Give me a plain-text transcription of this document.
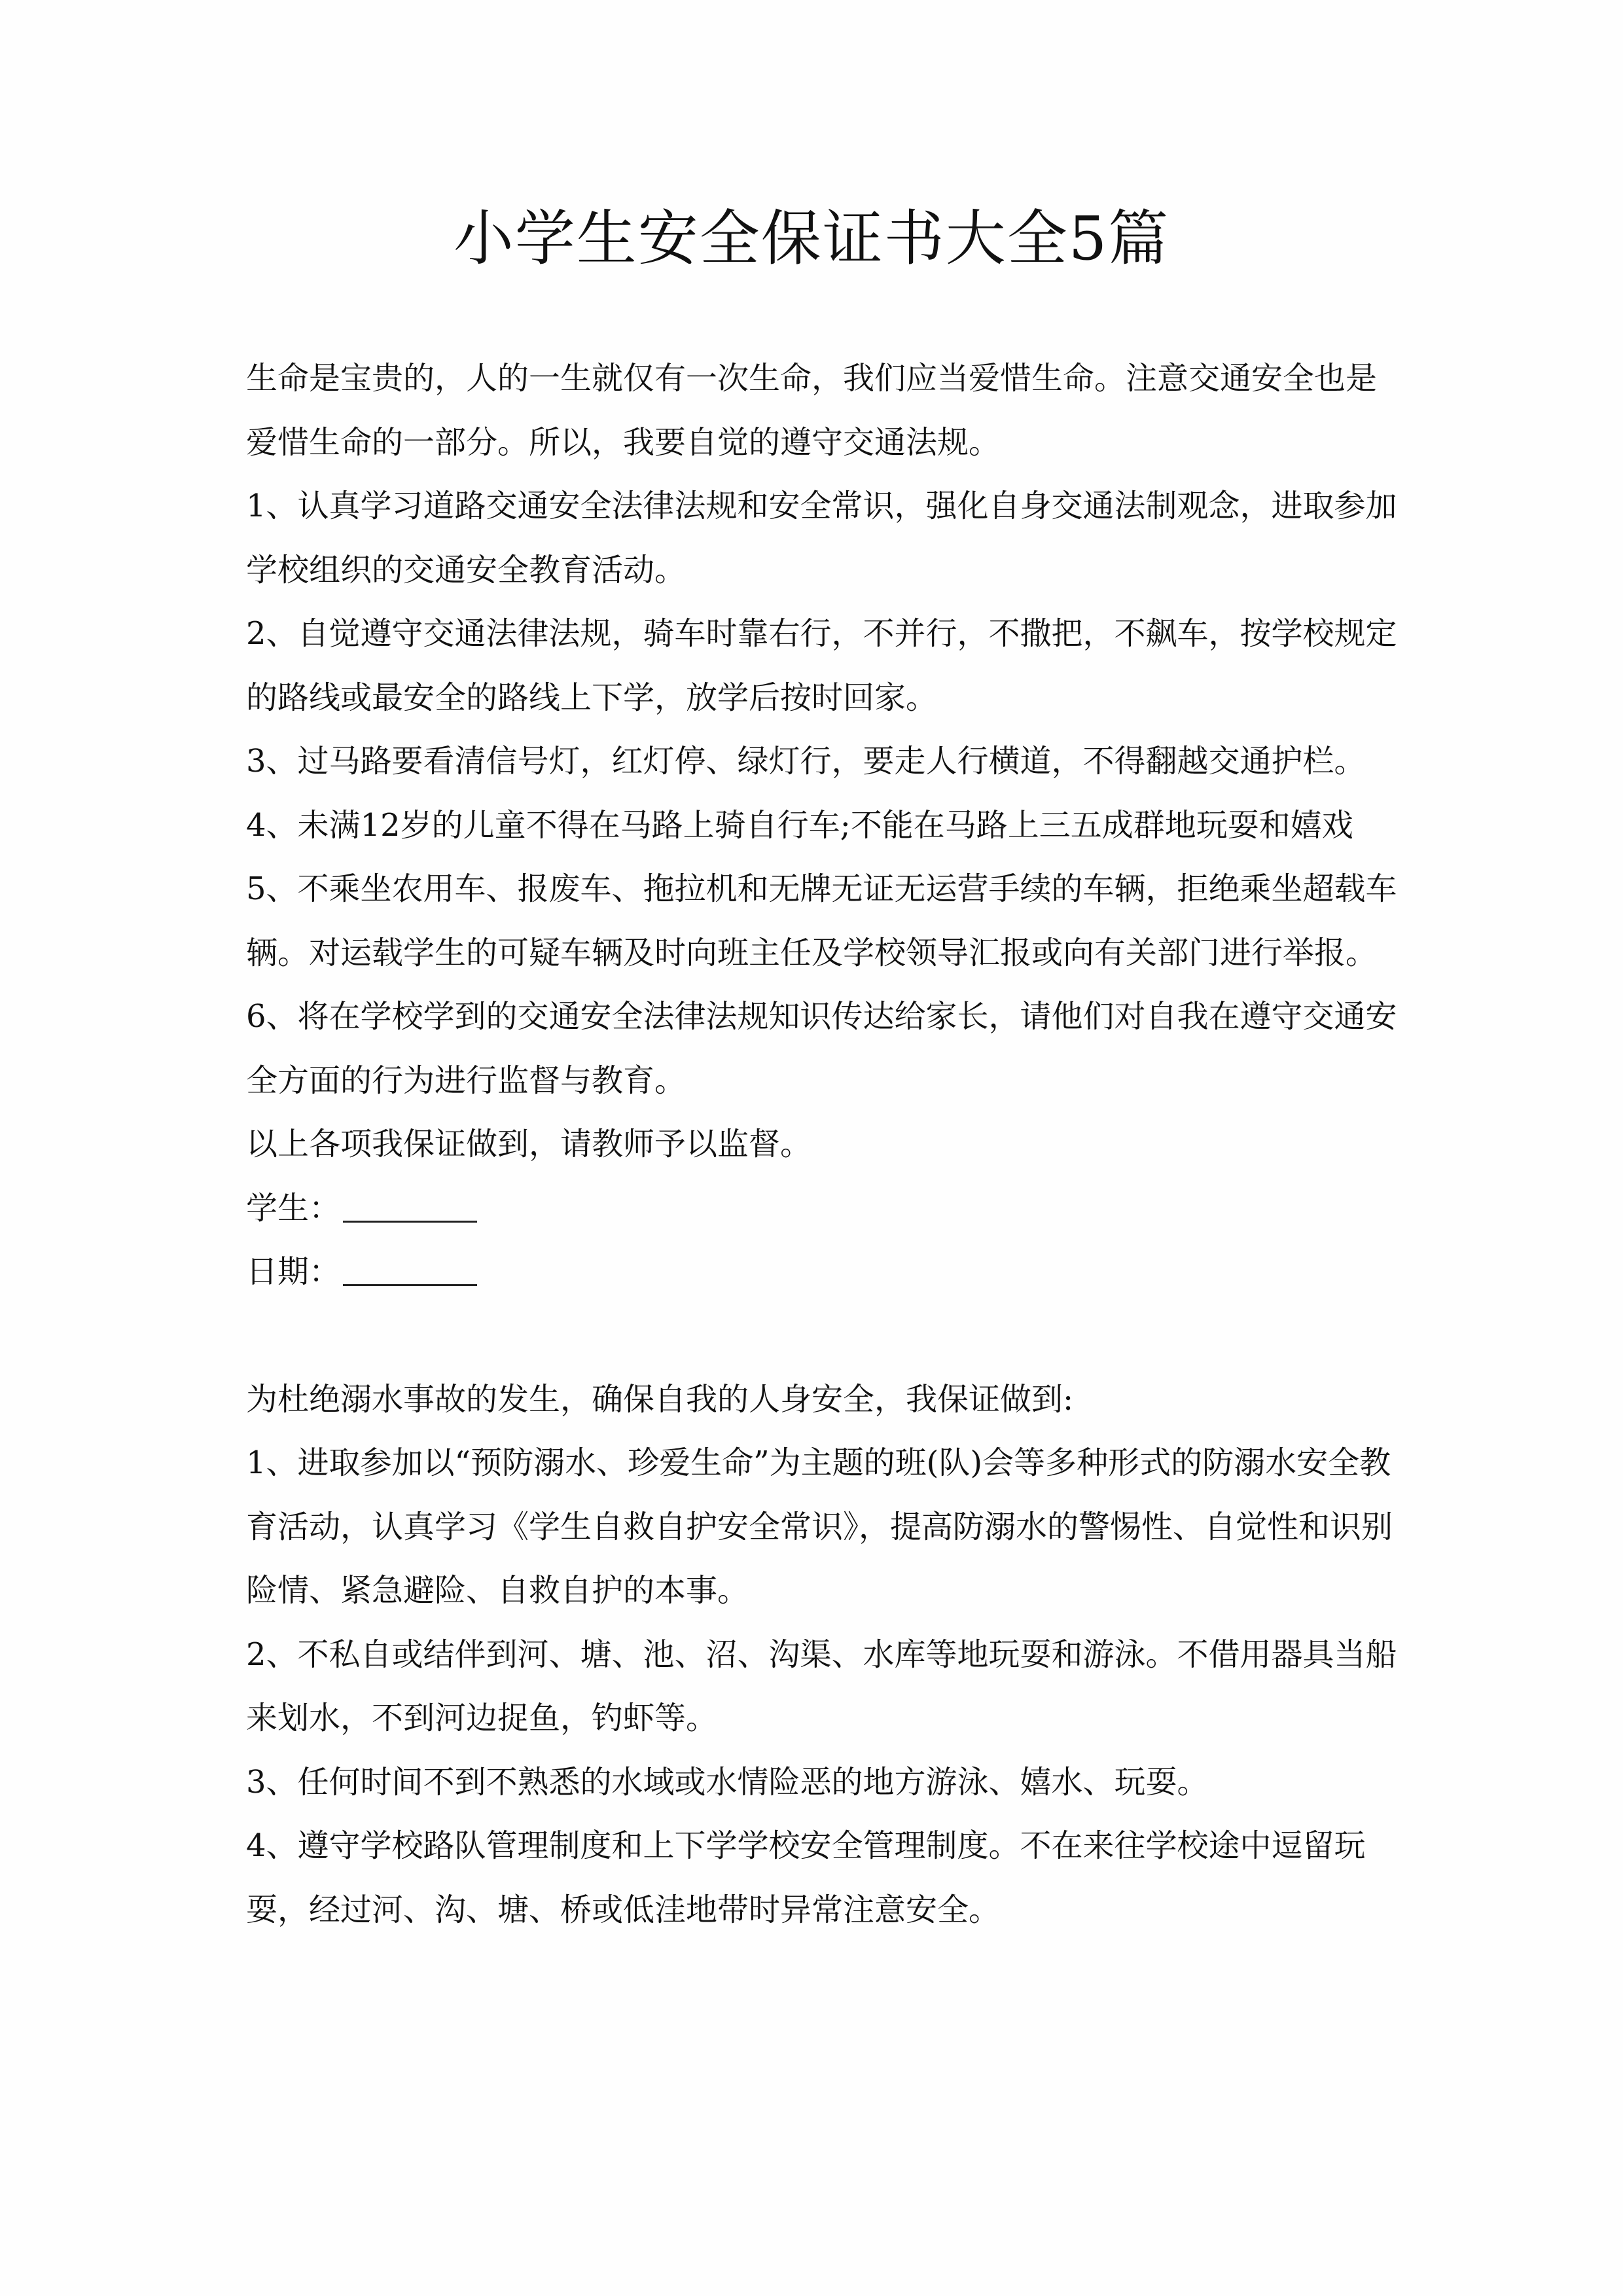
小学生安全保证书大全5篇

生命是宝贵的，人的一生就仅有一次生命，我们应当爱惜生命。注意交通安全也是爱惜生命的一部分。所以，我要自觉的遵守交通法规。

1、认真学习道路交通安全法律法规和安全常识，强化自身交通法制观念，进取参加学校组织的交通安全教育活动。

2、自觉遵守交通法律法规，骑车时靠右行，不并行，不撒把，不飙车，按学校规定的路线或最安全的路线上下学，放学后按时回家。

3、过马路要看清信号灯，红灯停、绿灯行，要走人行横道，不得翻越交通护栏。

4、未满12岁的儿童不得在马路上骑自行车;不能在马路上三五成群地玩耍和嬉戏

5、不乘坐农用车、报废车、拖拉机和无牌无证无运营手续的车辆，拒绝乘坐超载车辆。对运载学生的可疑车辆及时向班主任及学校领导汇报或向有关部门进行举报。

6、将在学校学到的交通安全法律法规知识传达给家长，请他们对自我在遵守交通安全方面的行为进行监督与教育。

以上各项我保证做到，请教师予以监督。

学生：

日期：

为杜绝溺水事故的发生，确保自我的人身安全，我保证做到:

1、进取参加以“预防溺水、珍爱生命”为主题的班(队)会等多种形式的防溺水安全教育活动，认真学习《学生自救自护安全常识》，提高防溺水的警惕性、自觉性和识别险情、紧急避险、自救自护的本事。

2、不私自或结伴到河、塘、池、沼、沟渠、水库等地玩耍和游泳。不借用器具当船来划水，不到河边捉鱼，钓虾等。

3、任何时间不到不熟悉的水域或水情险恶的地方游泳、嬉水、玩耍。

4、遵守学校路队管理制度和上下学学校安全管理制度。不在来往学校途中逗留玩耍，经过河、沟、塘、桥或低洼地带时异常注意安全。
